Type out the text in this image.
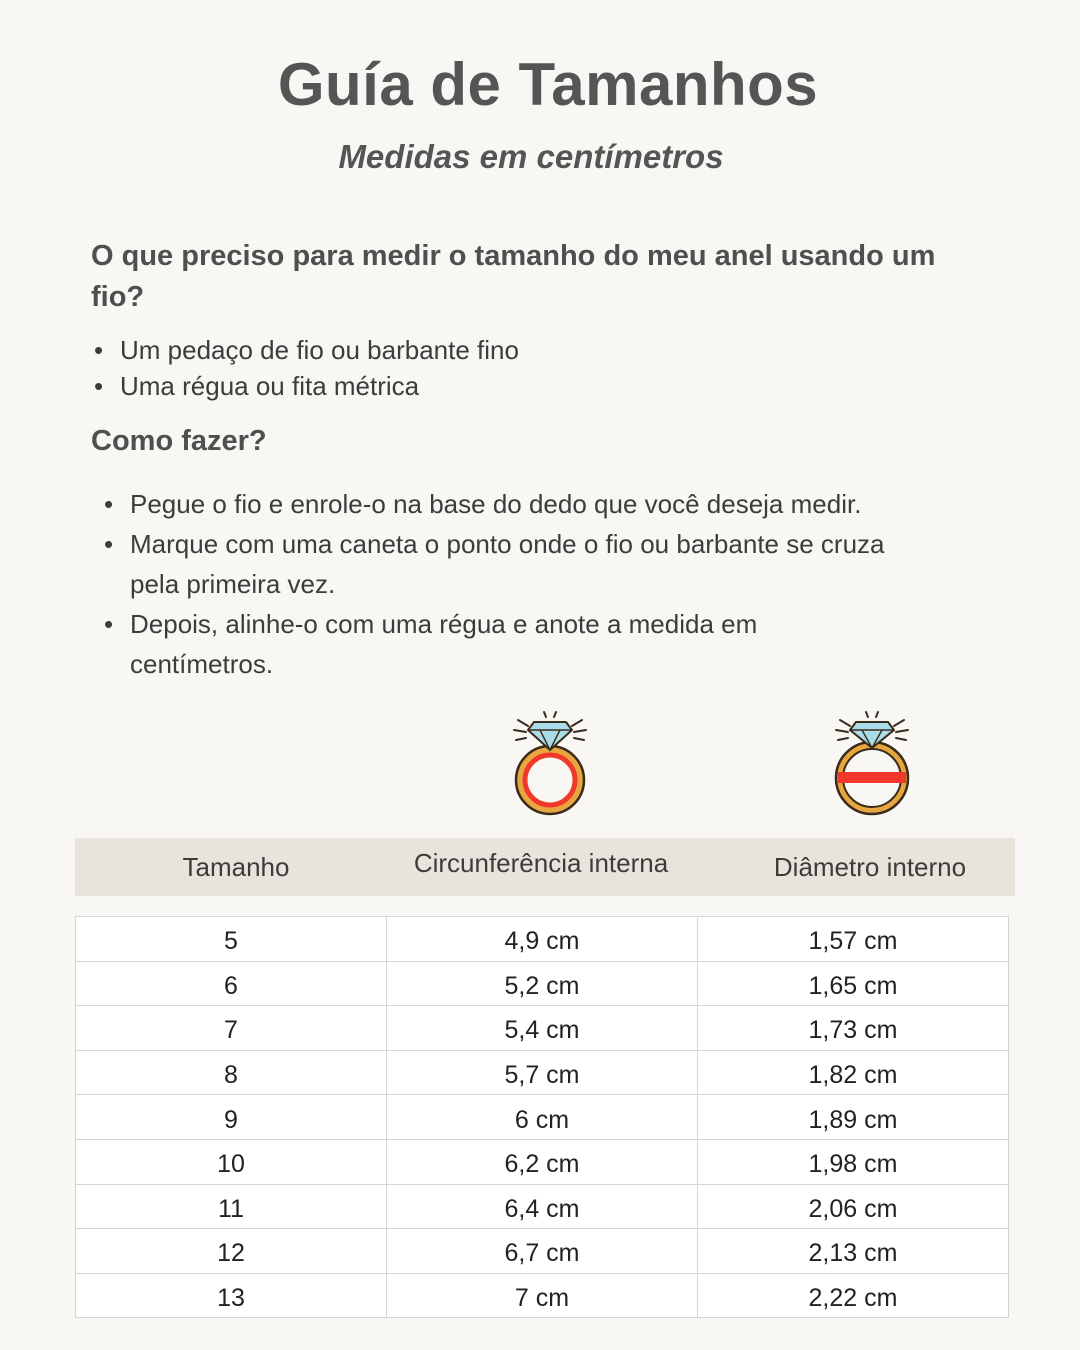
Guía de Tamanhos
Medidas em centímetros
O que preciso para medir o tamanho do meu anel usando um fio?
• Um pedaço de fio ou barbante fino
• Uma régua ou fita métrica
Como fazer?
• Pegue o fio e enrole-o na base do dedo que você deseja medir.
• Marque com uma caneta o ponto onde o fio ou barbante se cruza pela primeira vez.
• Depois, alinhe-o com uma régua e anote a medida em centímetros.
Tamanho	Circunferência interna	Diâmetro interno
5	4,9 cm	1,57 cm
6	5,2 cm	1,65 cm
7	5,4 cm	1,73 cm
8	5,7 cm	1,82 cm
9	6 cm	1,89 cm
10	6,2 cm	1,98 cm
11	6,4 cm	2,06 cm
12	6,7 cm	2,13 cm
13	7 cm	2,22 cm
